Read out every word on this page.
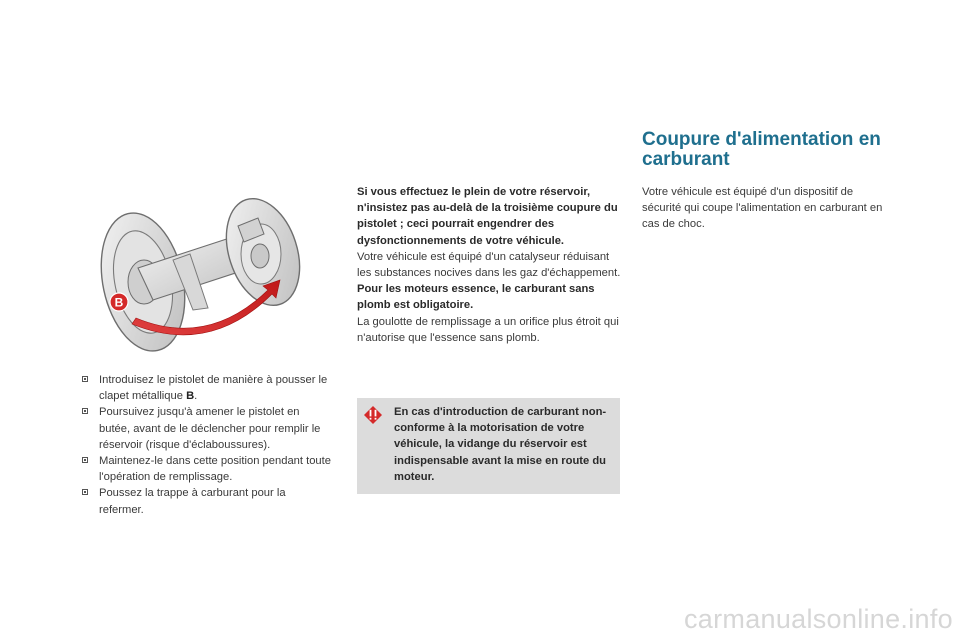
B
Introduisez le pistolet de manière à pousser le clapet métallique B.
Poursuivez jusqu'à amener le pistolet en butée, avant de le déclencher pour remplir le réservoir (risque d'éclaboussures).
Maintenez-le dans cette position pendant toute l'opération de remplissage.
Poussez la trappe à carburant pour la refermer.

Si vous effectuez le plein de votre réservoir, n'insistez pas au-delà de la troisième coupure du pistolet ; ceci pourrait engendrer des dysfonctionnements de votre véhicule.

Votre véhicule est équipé d'un catalyseur réduisant les substances nocives dans les gaz d'échappement.

Pour les moteurs essence, le carburant sans plomb est obligatoire.

La goulotte de remplissage a un orifice plus étroit qui n'autorise que l'essence sans plomb.

En cas d'introduction de carburant non-conforme à la motorisation de votre véhicule, la vidange du réservoir est indispensable avant la mise en route du moteur.

Coupure d'alimentation en carburant

Votre véhicule est équipé d'un dispositif de sécurité qui coupe l'alimentation en carburant en cas de choc.

carmanualsonline.info
